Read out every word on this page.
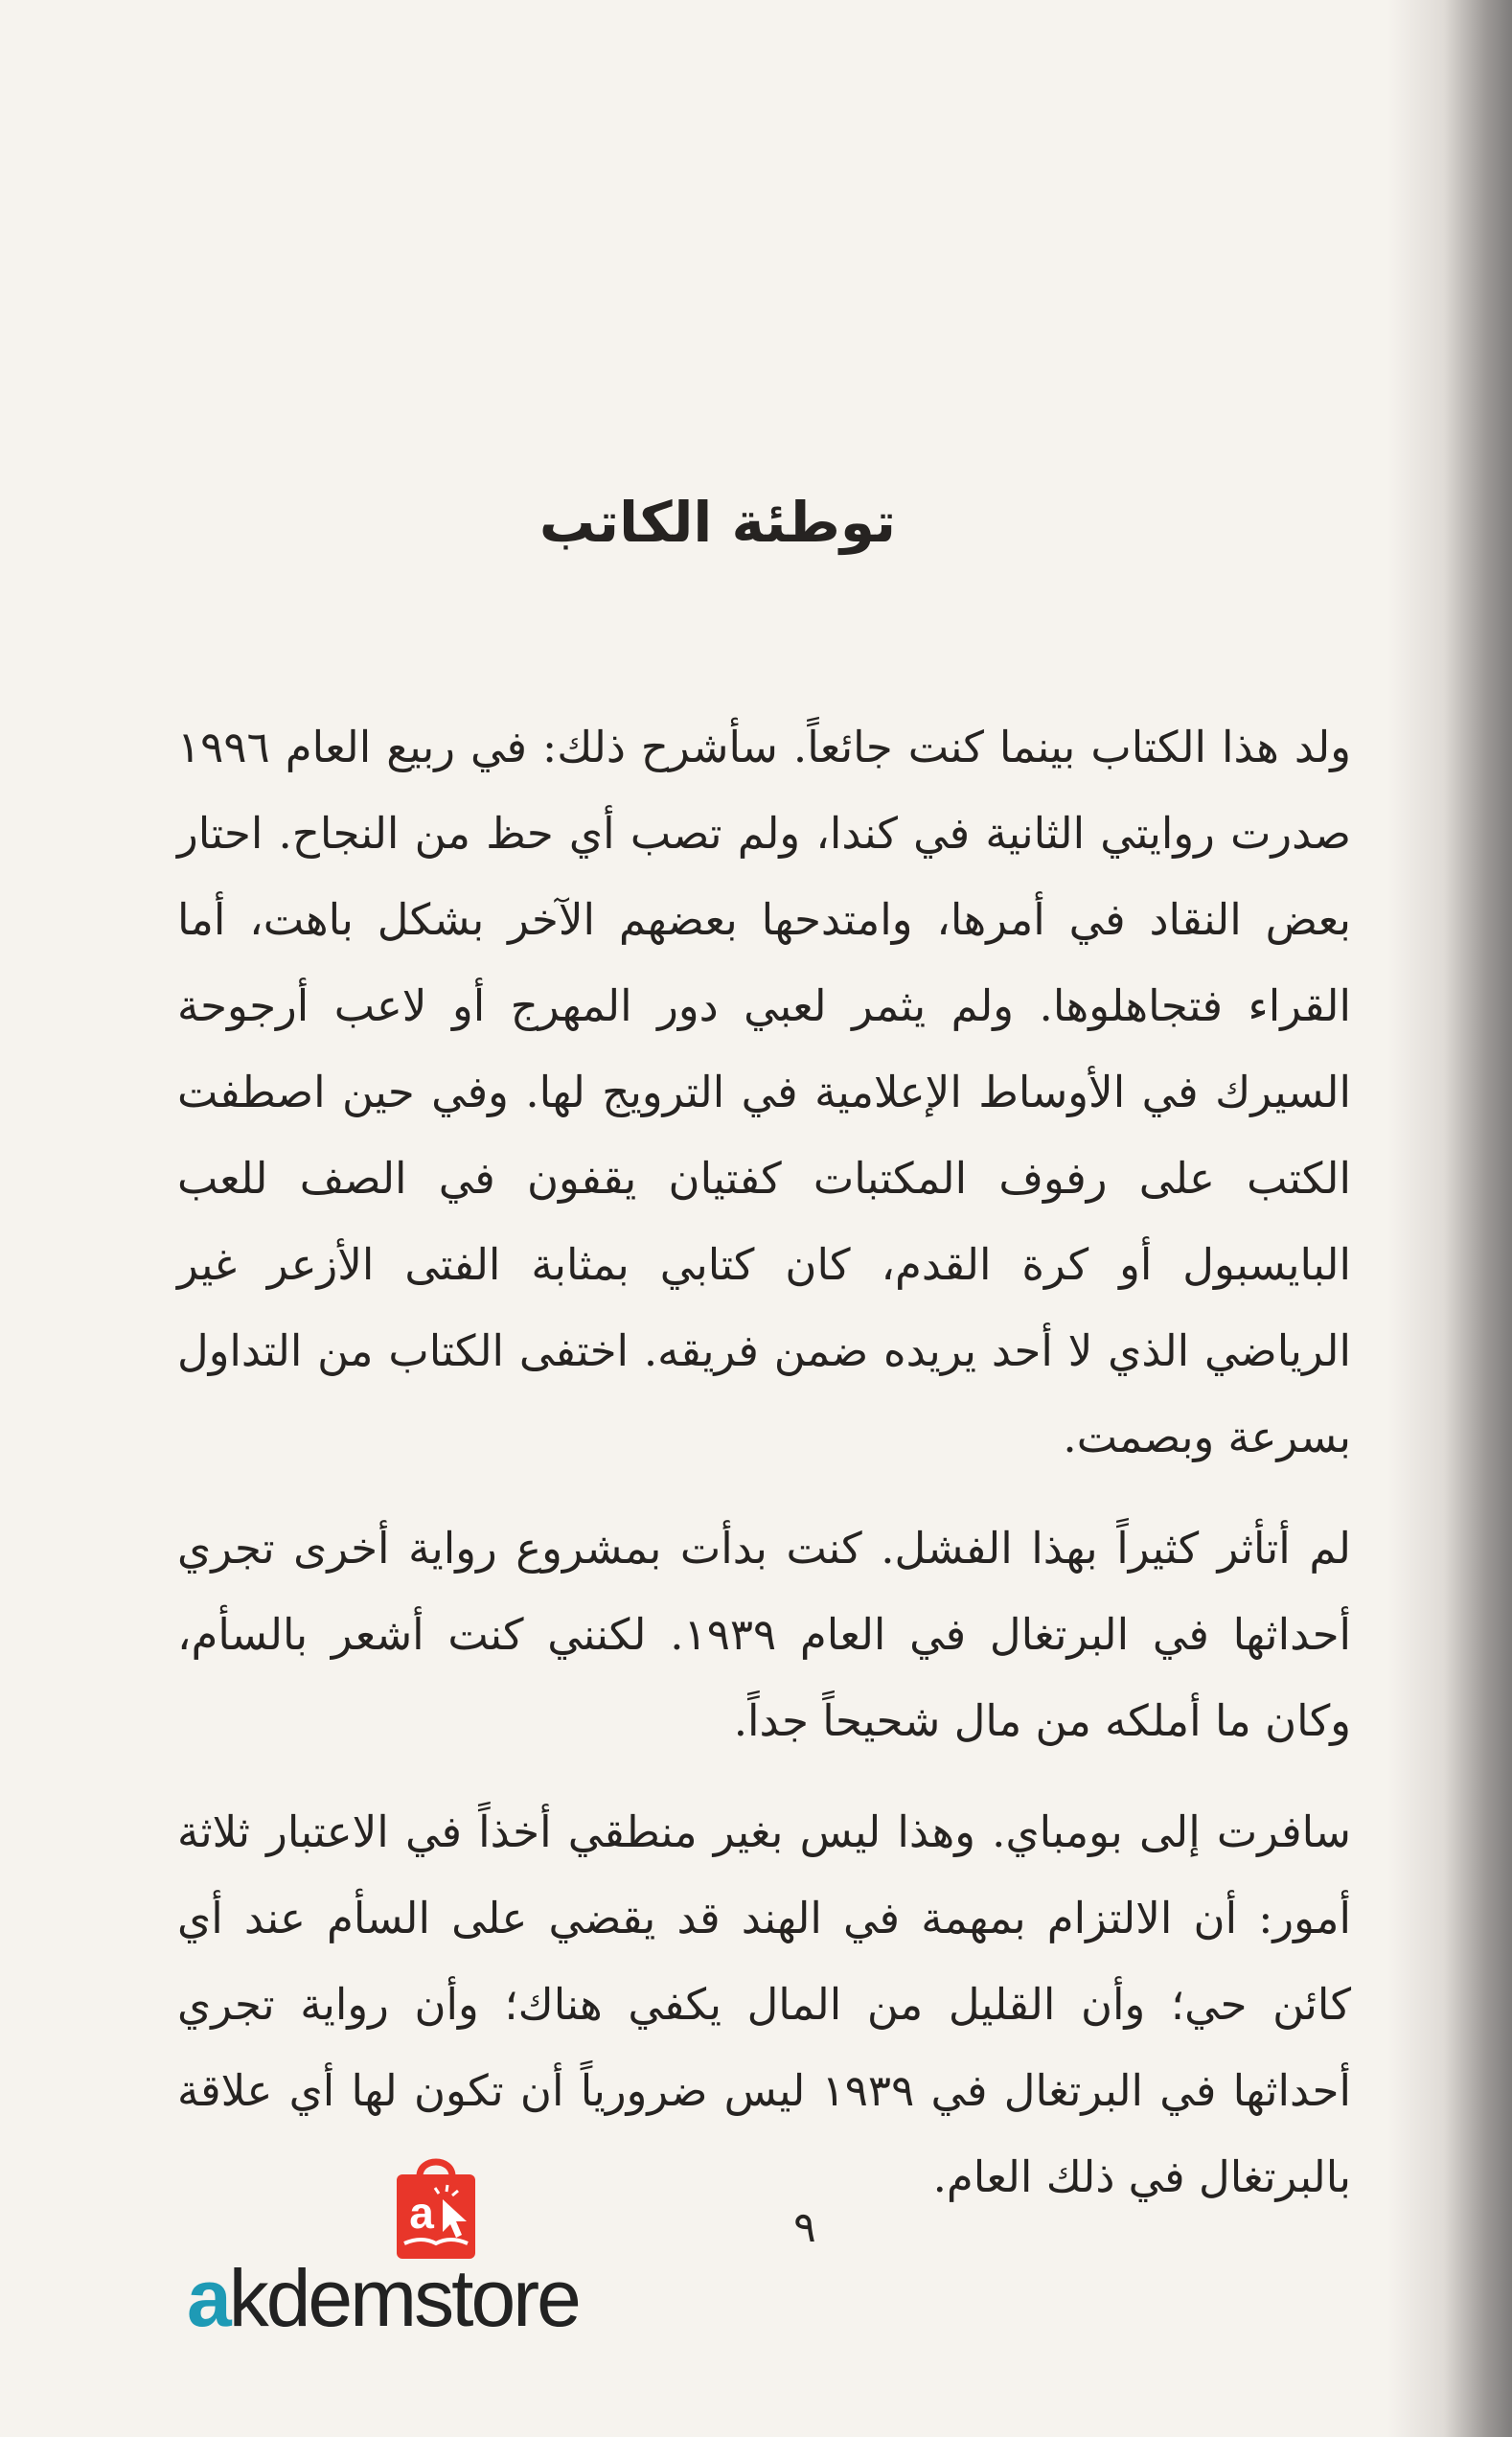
توطئة الكاتب

ولد هذا الكتاب بينما كنت جائعاً. سأشرح ذلك: في ربيع العام ١٩٩٦ صدرت روايتي الثانية في كندا، ولم تصب أي حظ من النجاح. احتار بعض النقاد في أمرها، وامتدحها بعضهم الآخر بشكل باهت، أما القراء فتجاهلوها. ولم يثمر لعبي دور المهرج أو لاعب أرجوحة السيرك في الأوساط الإعلامية في الترويج لها. وفي حين اصطفت الكتب على رفوف المكتبات كفتيان يقفون في الصف للعب البايسبول أو كرة القدم، كان كتابي بمثابة الفتى الأزعر غير الرياضي الذي لا أحد يريده ضمن فريقه. اختفى الكتاب من التداول بسرعة وبصمت.

لم أتأثر كثيراً بهذا الفشل. كنت بدأت بمشروع رواية أخرى تجري أحداثها في البرتغال في العام ١٩٣٩. لكنني كنت أشعر بالسأم، وكان ما أملكه من مال شحيحاً جداً.

سافرت إلى بومباي. وهذا ليس بغير منطقي أخذاً في الاعتبار ثلاثة أمور: أن الالتزام بمهمة في الهند قد يقضي على السأم عند أي كائن حي؛ وأن القليل من المال يكفي هناك؛ وأن رواية تجري أحداثها في البرتغال في ١٩٣٩ ليس ضرورياً أن تكون لها أي علاقة بالبرتغال في ذلك العام.

٩
a
akdemstore
